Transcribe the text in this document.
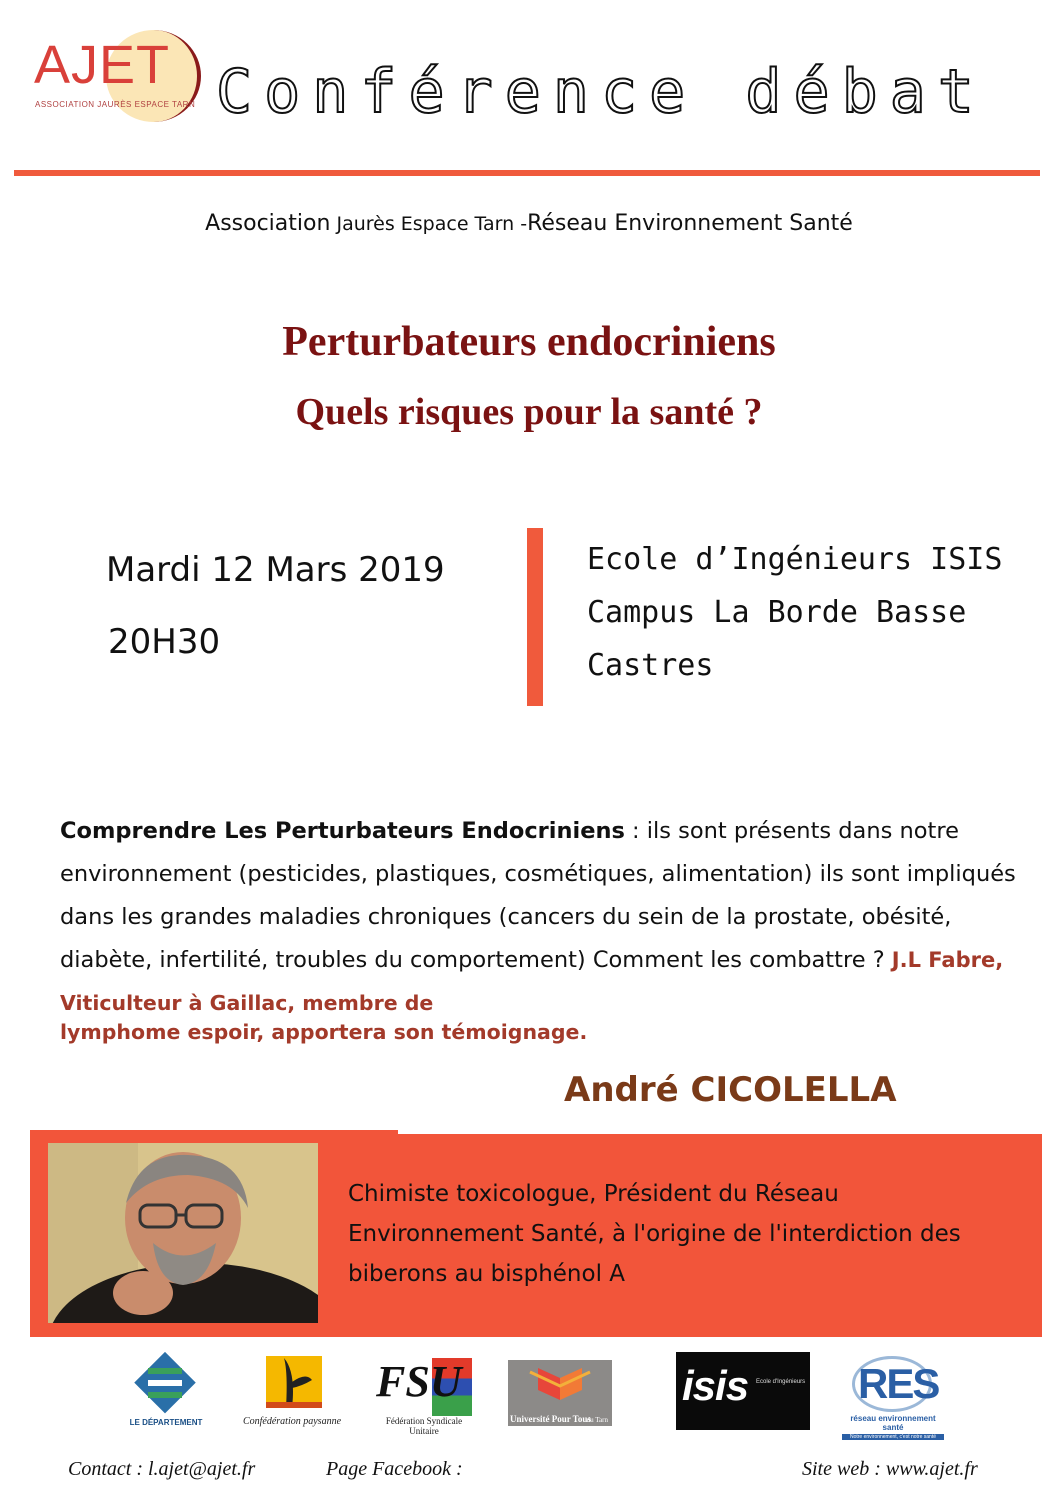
AJET
ASSOCIATION JAURÈS ESPACE TARN Conférence débat
Association Jaurès Espace Tarn -Réseau Environnement Santé
Perturbateurs endocriniens
Quels risques pour la santé ?
Mardi 12 Mars 2019
20H30
Ecole d’Ingénieurs ISIS
Campus La Borde Basse
Castres
Comprendre Les Perturbateurs Endocriniens : ils sont présents dans notre environnement (pesticides, plastiques, cosmétiques, alimentation) ils sont impliqués dans les grandes maladies chroniques (cancers du sein de la prostate, obésité, diabète, infertilité, troubles du comportement) Comment les combattre ? J.L Fabre, Viticulteur à Gaillac, membre de
lymphome espoir, apportera son témoignage.
André CICOLELLA
Chimiste toxicologue, Président du Réseau Environnement Santé, à l'origine de l'interdiction des biberons au bisphénol A
LE DÉPARTEMENT	Confédération paysanne
FSU
Fédération Syndicale Unitaire
Université Pour Tous
du Tarn
isis Ecole d'Ingénieurs RES
réseau environnement santé
Notre environnement, c'est notre santé
Contact : l.ajet@ajet.fr	Page Facebook :	Site web : www.ajet.fr
